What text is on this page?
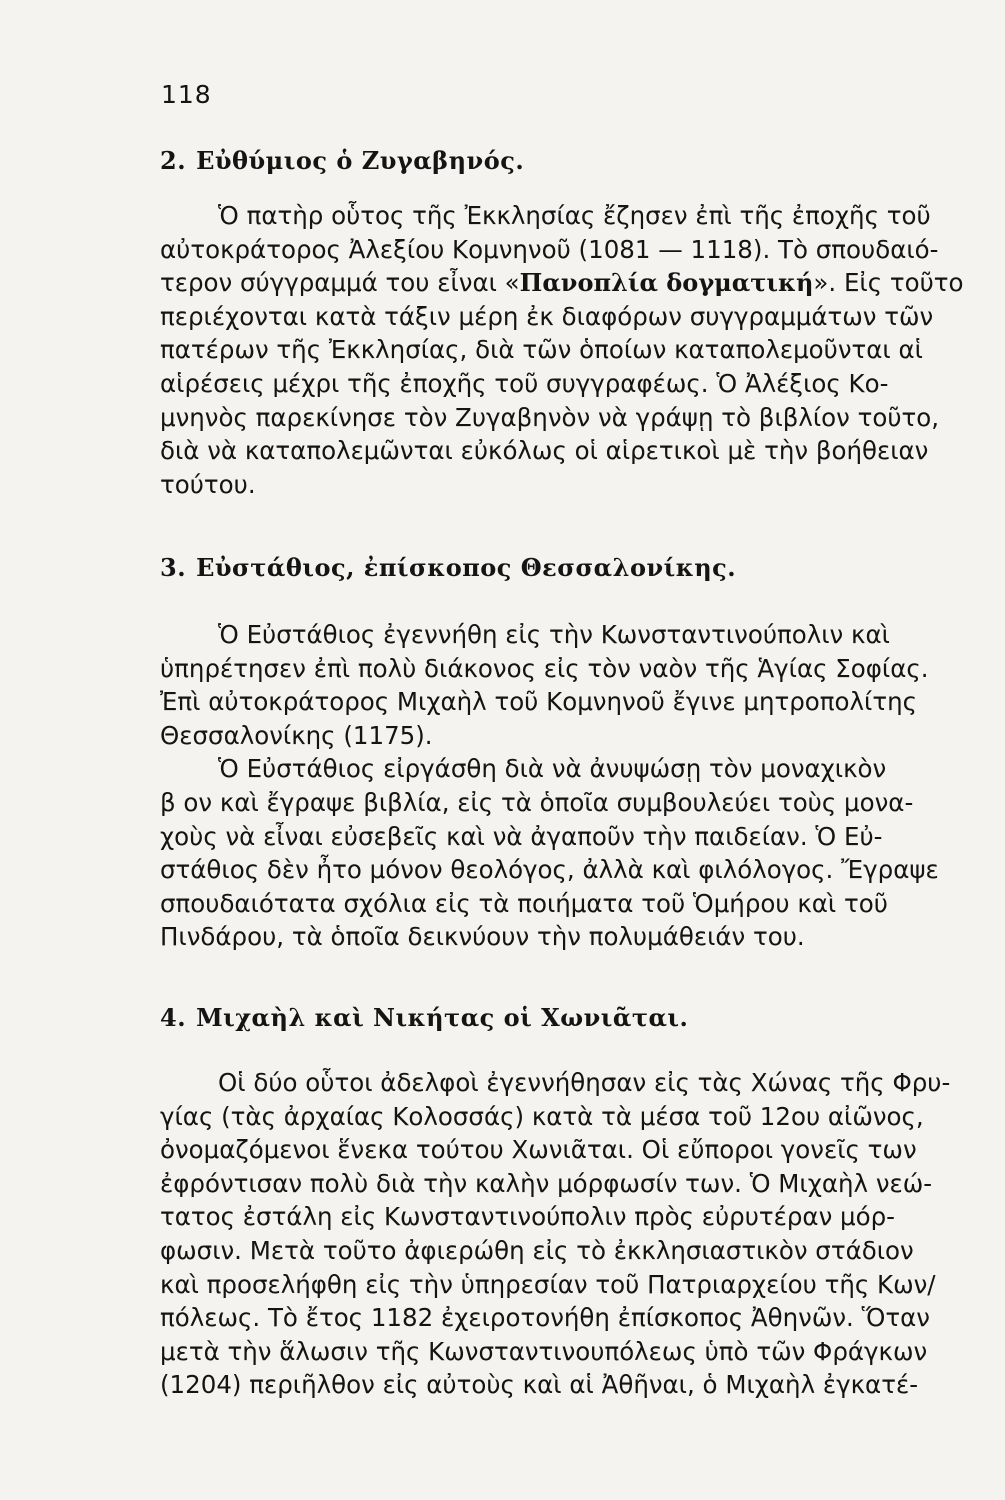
118
2. Εὐθύμιος ὁ Ζυγαβηνός.
Ὁ πατὴρ οὗτος τῆς Ἐκκλησίας ἔζησεν ἐπὶ τῆς ἐποχῆς τοῦ
αὐτοκράτορος Ἀλεξίου Κομνηνοῦ (1081 — 1118). Τὸ σπουδαιό-
τερον σύγγραμμά του εἶναι «Πανοπλία δογματική». Εἰς τοῦτο
περιέχονται κατὰ τάξιν μέρη ἐκ διαφόρων συγγραμμάτων τῶν
πατέρων τῆς Ἐκκλησίας, διὰ τῶν ὁποίων καταπολεμοῦνται αἱ
αἱρέσεις μέχρι τῆς ἐποχῆς τοῦ συγγραφέως. Ὁ Ἀλέξιος Κο-
μνηνὸς παρεκίνησε τὸν Ζυγαβηνὸν νὰ γράψῃ τὸ βιβλίον τοῦτο,
διὰ νὰ καταπολεμῶνται εὐκόλως οἱ αἱρετικοὶ μὲ τὴν βοήθειαν
τούτου.
3. Εὐστάθιος, ἐπίσκοπος Θεσσαλονίκης.
Ὁ Εὐστάθιος ἐγεννήθη εἰς τὴν Κωνσταντινούπολιν καὶ
ὑπηρέτησεν ἐπὶ πολὺ διάκονος εἰς τὸν ναὸν τῆς Ἁγίας Σοφίας.
Ἐπὶ αὐτοκράτορος Μιχαὴλ τοῦ Κομνηνοῦ ἔγινε μητροπολίτης
Θεσσαλονίκης (1175).
Ὁ Εὐστάθιος εἰργάσθη διὰ νὰ ἀνυψώσῃ τὸν μοναχικὸν
β ον καὶ ἔγραψε βιβλία, εἰς τὰ ὁποῖα συμβουλεύει τοὺς μονα-
χοὺς νὰ εἶναι εὐσεβεῖς καὶ νὰ ἀγαποῦν τὴν παιδείαν. Ὁ Εὐ-
στάθιος δὲν ἦτο μόνον θεολόγος, ἀλλὰ καὶ φιλόλογος. Ἔγραψε
σπουδαιότατα σχόλια εἰς τὰ ποιήματα τοῦ Ὁμήρου καὶ τοῦ
Πινδάρου, τὰ ὁποῖα δεικνύουν τὴν πολυμάθειάν του.
4. Μιχαὴλ καὶ Νικήτας οἱ Χωνιᾶται.
Οἱ δύο οὗτοι ἀδελφοὶ ἐγεννήθησαν εἰς τὰς Χώνας τῆς Φρυ-
γίας (τὰς ἀρχαίας Κολοσσάς) κατὰ τὰ μέσα τοῦ 12ου αἰῶνος,
ὀνομαζόμενοι ἕνεκα τούτου Χωνιᾶται. Οἱ εὔποροι γονεῖς των
ἐφρόντισαν πολὺ διὰ τὴν καλὴν μόρφωσίν των. Ὁ Μιχαὴλ νεώ-
τατος ἐστάλη εἰς Κωνσταντινούπολιν πρὸς εὐρυτέραν μόρ-
φωσιν. Μετὰ τοῦτο ἀφιερώθη εἰς τὸ ἐκκλησιαστικὸν στάδιον
καὶ προσελήφθη εἰς τὴν ὑπηρεσίαν τοῦ Πατριαρχείου τῆς Κων/
πόλεως. Τὸ ἔτος 1182 ἐχειροτονήθη ἐπίσκοπος Ἀθηνῶν. Ὅταν
μετὰ τὴν ἅλωσιν τῆς Κωνσταντινουπόλεως ὑπὸ τῶν Φράγκων
(1204) περιῆλθον εἰς αὐτοὺς καὶ αἱ Ἀθῆναι, ὁ Μιχαὴλ ἐγκατέ-
